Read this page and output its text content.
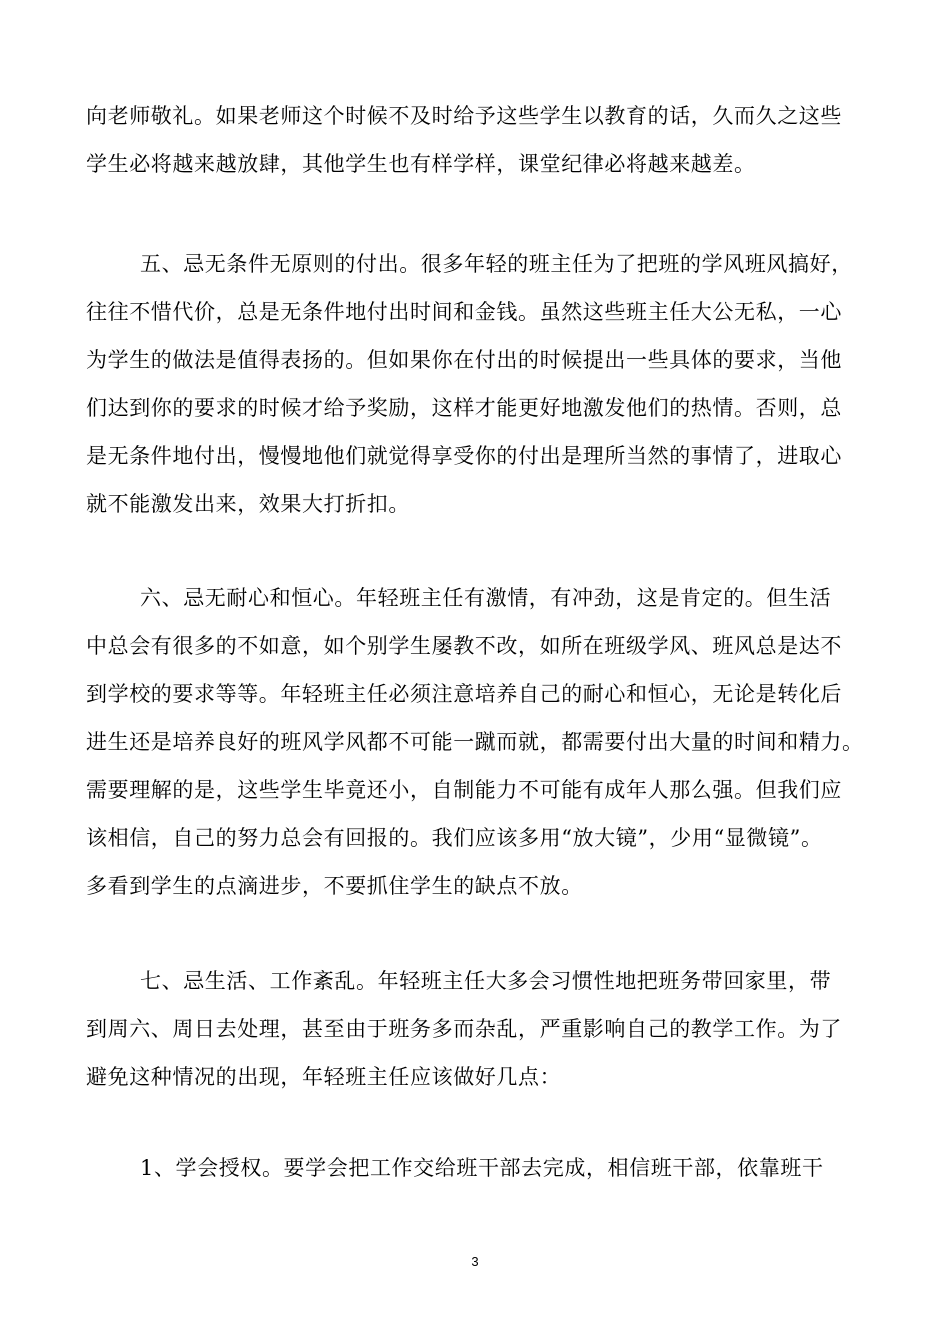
向老师敬礼。如果老师这个时候不及时给予这些学生以教育的话，久而久之这些
学生必将越来越放肆，其他学生也有样学样，课堂纪律必将越来越差。
五、忌无条件无原则的付出。很多年轻的班主任为了把班的学风班风搞好，
往往不惜代价，总是无条件地付出时间和金钱。虽然这些班主任大公无私，一心
为学生的做法是值得表扬的。但如果你在付出的时候提出一些具体的要求，当他
们达到你的要求的时候才给予奖励，这样才能更好地激发他们的热情。否则，总
是无条件地付出，慢慢地他们就觉得享受你的付出是理所当然的事情了，进取心
就不能激发出来，效果大打折扣。
六、忌无耐心和恒心。年轻班主任有激情，有冲劲，这是肯定的。但生活
中总会有很多的不如意，如个别学生屡教不改，如所在班级学风、班风总是达不
到学校的要求等等。年轻班主任必须注意培养自己的耐心和恒心，无论是转化后
进生还是培养良好的班风学风都不可能一蹴而就，都需要付出大量的时间和精力。
需要理解的是，这些学生毕竟还小，自制能力不可能有成年人那么强。但我们应
该相信，自己的努力总会有回报的。我们应该多用“放大镜”，少用“显微镜”。
多看到学生的点滴进步，不要抓住学生的缺点不放。
七、忌生活、工作紊乱。年轻班主任大多会习惯性地把班务带回家里，带
到周六、周日去处理，甚至由于班务多而杂乱，严重影响自己的教学工作。为了
避免这种情况的出现，年轻班主任应该做好几点：
1、学会授权。要学会把工作交给班干部去完成，相信班干部，依靠班干
3
